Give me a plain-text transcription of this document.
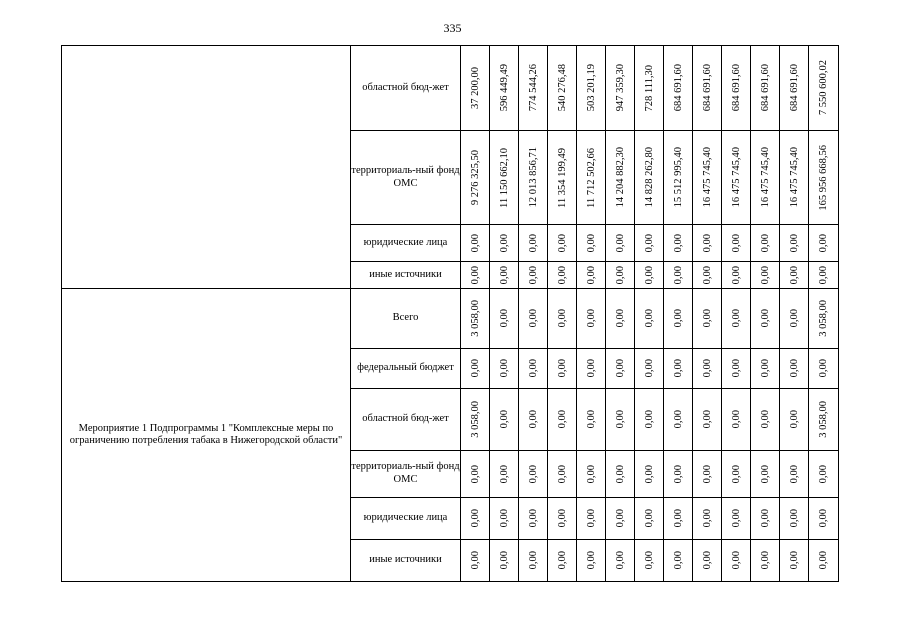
335
	областной бюд-жет	37 200,00	596 449,49	774 544,26	540 276,48	503 201,19	947 359,30	728 111,30	684 691,60	684 691,60	684 691,60	684 691,60	684 691,60	7 550 600,02

	территориаль-ный фонд ОМС	9 276 325,50	11 150 662,10	12 013 856,71	11 354 199,49	11 712 502,66	14 204 882,30	14 828 262,80	15 512 995,40	16 475 745,40	16 475 745,40	16 475 745,40	16 475 745,40	165 956 668,56

	юридические лица	0,00	0,00	0,00	0,00	0,00	0,00	0,00	0,00	0,00	0,00	0,00	0,00	0,00

	иные источники	0,00	0,00	0,00	0,00	0,00	0,00	0,00	0,00	0,00	0,00	0,00	0,00	0,00

Мероприятие 1 Подпрограммы 1 "Комплексные меры по ограничению потребления табака в Нижегородской области"	Всего	3 058,00	0,00	0,00	0,00	0,00	0,00	0,00	0,00	0,00	0,00	0,00	0,00	3 058,00

	федеральный бюджет	0,00	0,00	0,00	0,00	0,00	0,00	0,00	0,00	0,00	0,00	0,00	0,00	0,00

	областной бюд-жет	3 058,00	0,00	0,00	0,00	0,00	0,00	0,00	0,00	0,00	0,00	0,00	0,00	3 058,00

	территориаль-ный фонд ОМС	0,00	0,00	0,00	0,00	0,00	0,00	0,00	0,00	0,00	0,00	0,00	0,00	0,00

	юридические лица	0,00	0,00	0,00	0,00	0,00	0,00	0,00	0,00	0,00	0,00	0,00	0,00	0,00

	иные источники	0,00	0,00	0,00	0,00	0,00	0,00	0,00	0,00	0,00	0,00	0,00	0,00	0,00
